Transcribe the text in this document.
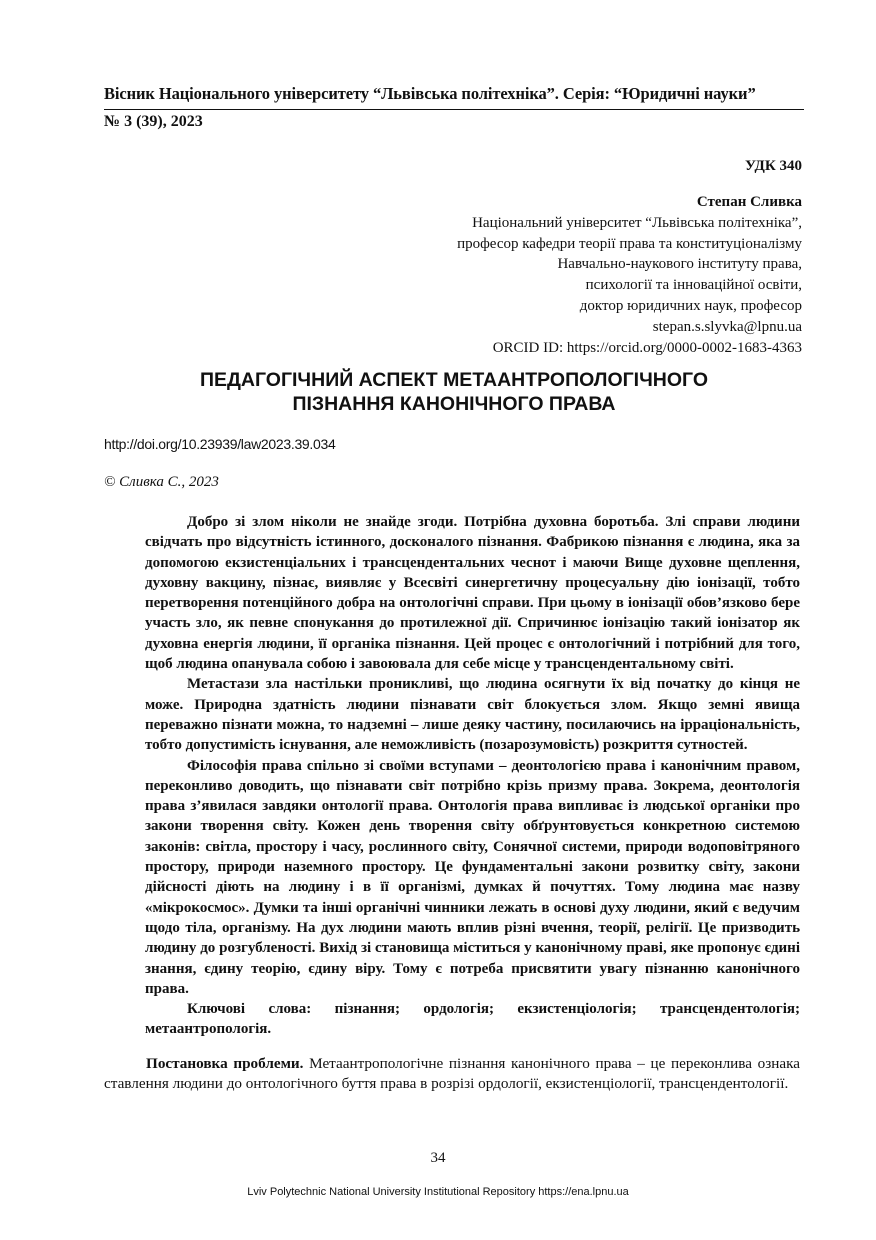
Вісник Національного університету “Львівська політехніка”. Серія: “Юридичні науки”
№ 3 (39), 2023
УДК 340
Степан Сливка
Національний університет “Львівська політехніка”,
професор кафедри теорії права та конституціоналізму
Навчально-наукового інституту права,
психології та інноваційної освіти,
доктор юридичних наук, професор
stepan.s.slyvka@lpnu.ua
ORCID ID: https://orcid.org/0000-0002-1683-4363
ПЕДАГОГІЧНИЙ АСПЕКТ МЕТААНТРОПОЛОГІЧНОГО
ПІЗНАННЯ КАНОНІЧНОГО ПРАВА
http://doi.org/10.23939/law2023.39.034
© Сливка С., 2023

Добро зі злом ніколи не знайде згоди. Потрібна духовна боротьба. Злі справи людини свідчать про відсутність істинного, досконалого пізнання. Фабрикою пізнання є людина, яка за допомогою екзистенціальних і трансцендентальних чеснот і маючи Вище духовне щеплення, духовну вакцину, пізнає, виявляє у Всесвіті синергетичну процесуальну дію іонізації, тобто перетворення потенційного добра на онтологічні справи. При цьому в іонізації обов’язково бере участь зло, як певне спонукання до протилежної дії. Спричинює іонізацію такий іонізатор як духовна енергія людини, її органіка пізнання. Цей процес є онтологічний і потрібний для того, щоб людина опанувала собою і завоювала для себе місце у трансцендентальному світі.

Метастази зла настільки проникливі, що людина осягнути їх від початку до кінця не може. Природна здатність людини пізнавати світ блокується злом. Якщо земні явища переважно пізнати можна, то надземні – лише деяку частину, посилаючись на ірраціональність, тобто допустимість існування, але неможливість (позарозумовість) розкриття сутностей.

Філософія права спільно зі своїми вступами – деонтологією права і канонічним правом, переконливо доводить, що пізнавати світ потрібно крізь призму права. Зокрема, деонтологія права з’явилася завдяки онтології права. Онтологія права випливає із людської органіки про закони творення світу. Кожен день творення світу обґрунтовується конкретною системою законів: світла, простору і часу, рослинного світу, Сонячної системи, природи водоповітряного простору, природи наземного простору. Це фундаментальні закони розвитку світу, закони дійсності діють на людину і в її організмі, думках й почуттях. Тому людина має назву «мікрокосмос». Думки та інші органічні чинники лежать в основі духу людини, який є ведучим щодо тіла, організму. На дух людини мають вплив різні вчення, теорії, релігії. Це призводить людину до розгубленості. Вихід зі становища міститься у канонічному праві, яке пропонує єдині знання, єдину теорію, єдину віру. Тому є потреба присвятити увагу пізнанню канонічного права.

Ключові слова: пізнання; ордологія; екзистенціологія; трансцендентологія; метаантропологія.

Постановка проблеми. Метаантропологічне пізнання канонічного права – це переконлива ознака ставлення людини до онтологічного буття права в розрізі ордології, екзистенціології, трансцендентології.

34
Lviv Polytechnic National University Institutional Repository https://ena.lpnu.ua
